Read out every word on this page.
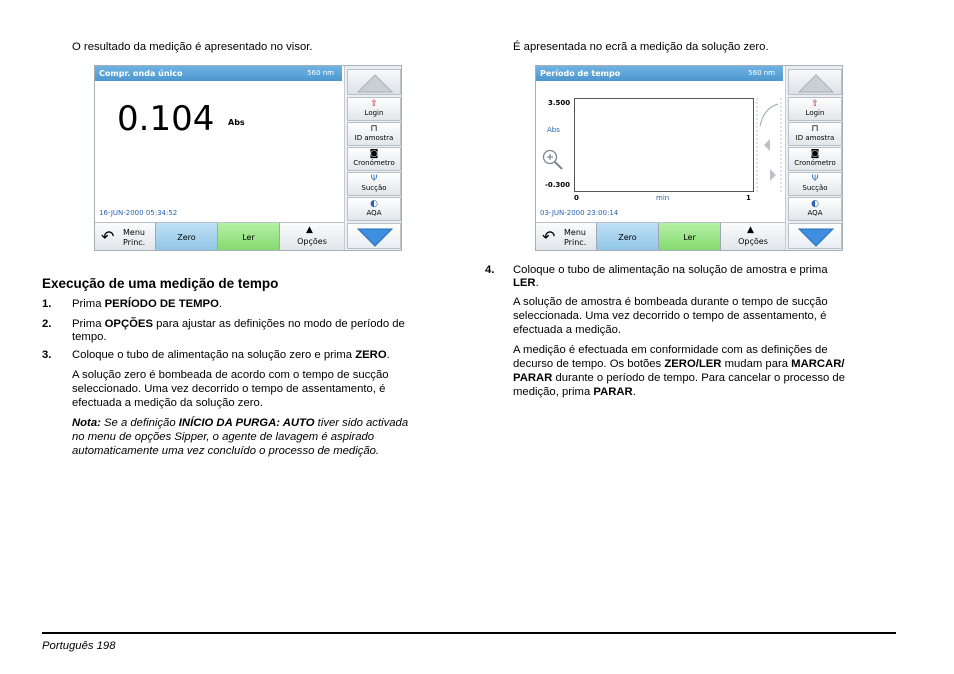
O resultado da medição é apresentado no visor.
Compr. onda único	560 nm
0.104 Abs
16-JUN-2000 05:34:52
↶ Menu
Princ.
Zero	Ler
▲
Opções
⇧
Login
⊓
ID amostra
◙
Cronómetro
Ψ
Sucção
◐
AQA
Execução de uma medição de tempo
1. Prima PERÍODO DE TEMPO.
2. Prima OPÇÕES para ajustar as definições no modo de período de
tempo.
3. Coloque o tubo de alimentação na solução zero e prima ZERO.
A solução zero é bombeada de acordo com o tempo de sucção
seleccionado. Uma vez decorrido o tempo de assentamento, é
efectuada a medição da solução zero.
Nota: Se a definição INÍCIO DA PURGA: AUTO tiver sido activada
no menu de opções Sipper, o agente de lavagem é aspirado
automaticamente uma vez concluído o processo de medição.
É apresentada no ecrã a medição da solução zero.
Período de tempo	560 nm
3.500
Abs
-0.300
0	min	1
03-JUN-2000 23:00:14
↶ Menu
Princ.
Zero	Ler
▲
Opções
⇧
Login
⊓
ID amostra
◙
Cronómetro
Ψ
Sucção
◐
AQA
4. Coloque o tubo de alimentação na solução de amostra e prima
LER.
A solução de amostra é bombeada durante o tempo de sucção
seleccionada. Uma vez decorrido o tempo de assentamento, é
efectuada a medição.
A medição é efectuada em conformidade com as definições de
decurso de tempo. Os botões ZERO/LER mudam para MARCAR/
PARAR durante o período de tempo. Para cancelar o processo de
medição, prima PARAR.
Português 198
